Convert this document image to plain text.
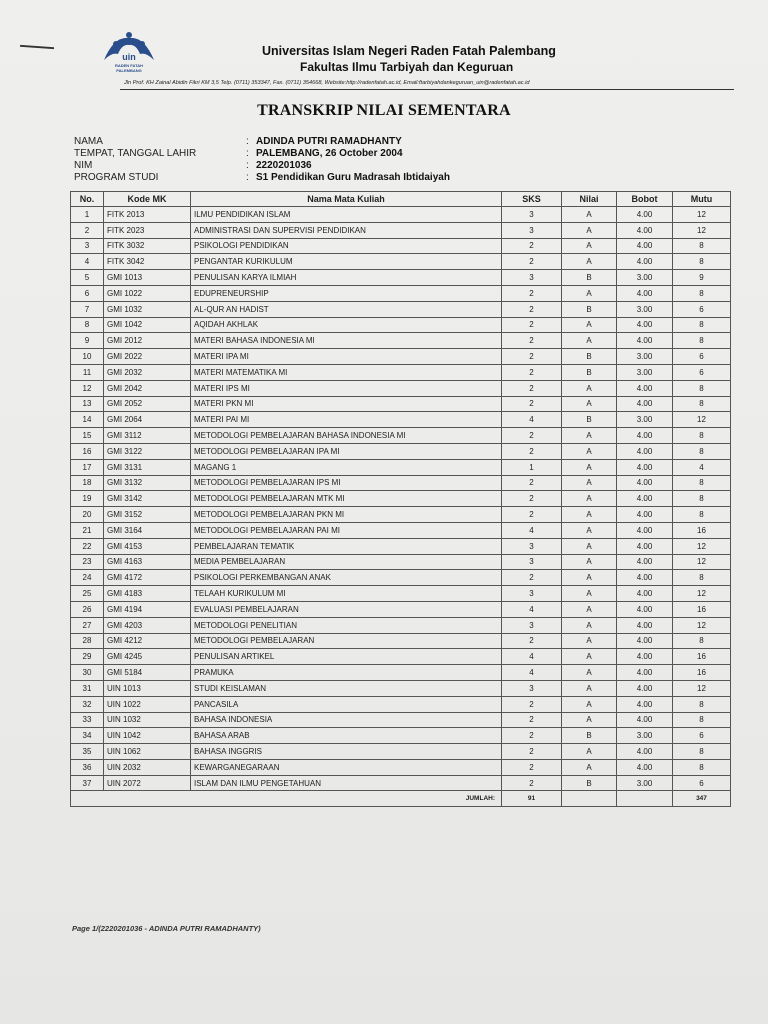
uin
RADEN FATAH PALEMBANG
Universitas Islam Negeri Raden Fatah Palembang
Fakultas Ilmu Tarbiyah dan Keguruan
Jln Prof. KH Zainal Abidin Fikri KM 3,5 Telp. (0711) 353347, Fax. (0711) 354668, Website:http://radenfatah.ac.id, Email:ftarbiyahdankeguruan_uin@radenfatah.ac.id
TRANSKRIP NILAI SEMENTARA
NAMA	: ADINDA PUTRI RAMADHANTY
TEMPAT, TANGGAL LAHIR	: PALEMBANG, 26 October 2004
NIM	: 2220201036
PROGRAM STUDI	: S1 Pendidikan Guru Madrasah Ibtidaiyah
No.	Kode MK	Nama Mata Kuliah	SKS	Nilai	Bobot	Mutu
1	FITK 2013	ILMU PENDIDIKAN ISLAM	3	A	4.00	12
2	FITK 2023	ADMINISTRASI DAN SUPERVISI PENDIDIKAN	3	A	4.00	12
3	FITK 3032	PSIKOLOGI PENDIDIKAN	2	A	4.00	8
4	FITK 3042	PENGANTAR KURIKULUM	2	A	4.00	8
5	GMI 1013	PENULISAN KARYA ILMIAH	3	B	3.00	9
6	GMI 1022	EDUPRENEURSHIP	2	A	4.00	8
7	GMI 1032	AL-QUR AN HADIST	2	B	3.00	6
8	GMI 1042	AQIDAH AKHLAK	2	A	4.00	8
9	GMI 2012	MATERI BAHASA INDONESIA MI	2	A	4.00	8
10	GMI 2022	MATERI IPA MI	2	B	3.00	6
11	GMI 2032	MATERI MATEMATIKA MI	2	B	3.00	6
12	GMI 2042	MATERI IPS MI	2	A	4.00	8
13	GMI 2052	MATERI PKN MI	2	A	4.00	8
14	GMI 2064	MATERI PAI MI	4	B	3.00	12
15	GMI 3112	METODOLOGI PEMBELAJARAN BAHASA INDONESIA MI	2	A	4.00	8
16	GMI 3122	METODOLOGI PEMBELAJARAN IPA MI	2	A	4.00	8
17	GMI 3131	MAGANG 1	1	A	4.00	4
18	GMI 3132	METODOLOGI PEMBELAJARAN IPS MI	2	A	4.00	8
19	GMI 3142	METODOLOGI PEMBELAJARAN MTK MI	2	A	4.00	8
20	GMI 3152	METODOLOGI PEMBELAJARAN PKN MI	2	A	4.00	8
21	GMI 3164	METODOLOGI PEMBELAJARAN PAI MI	4	A	4.00	16
22	GMI 4153	PEMBELAJARAN TEMATIK	3	A	4.00	12
23	GMI 4163	MEDIA PEMBELAJARAN	3	A	4.00	12
24	GMI 4172	PSIKOLOGI PERKEMBANGAN ANAK	2	A	4.00	8
25	GMI 4183	TELAAH KURIKULUM MI	3	A	4.00	12
26	GMI 4194	EVALUASI PEMBELAJARAN	4	A	4.00	16
27	GMI 4203	METODOLOGI PENELITIAN	3	A	4.00	12
28	GMI 4212	METODOLOGI PEMBELAJARAN	2	A	4.00	8
29	GMI 4245	PENULISAN ARTIKEL	4	A	4.00	16
30	GMI 5184	PRAMUKA	4	A	4.00	16
31	UIN 1013	STUDI KEISLAMAN	3	A	4.00	12
32	UIN 1022	PANCASILA	2	A	4.00	8
33	UIN 1032	BAHASA INDONESIA	2	A	4.00	8
34	UIN 1042	BAHASA ARAB	2	B	3.00	6
35	UIN 1062	BAHASA INGGRIS	2	A	4.00	8
36	UIN 2032	KEWARGANEGARAAN	2	A	4.00	8
37	UIN 2072	ISLAM DAN ILMU PENGETAHUAN	2	B	3.00	6
JUMLAH:			91			347
Page 1/(2220201036 - ADINDA PUTRI RAMADHANTY)
